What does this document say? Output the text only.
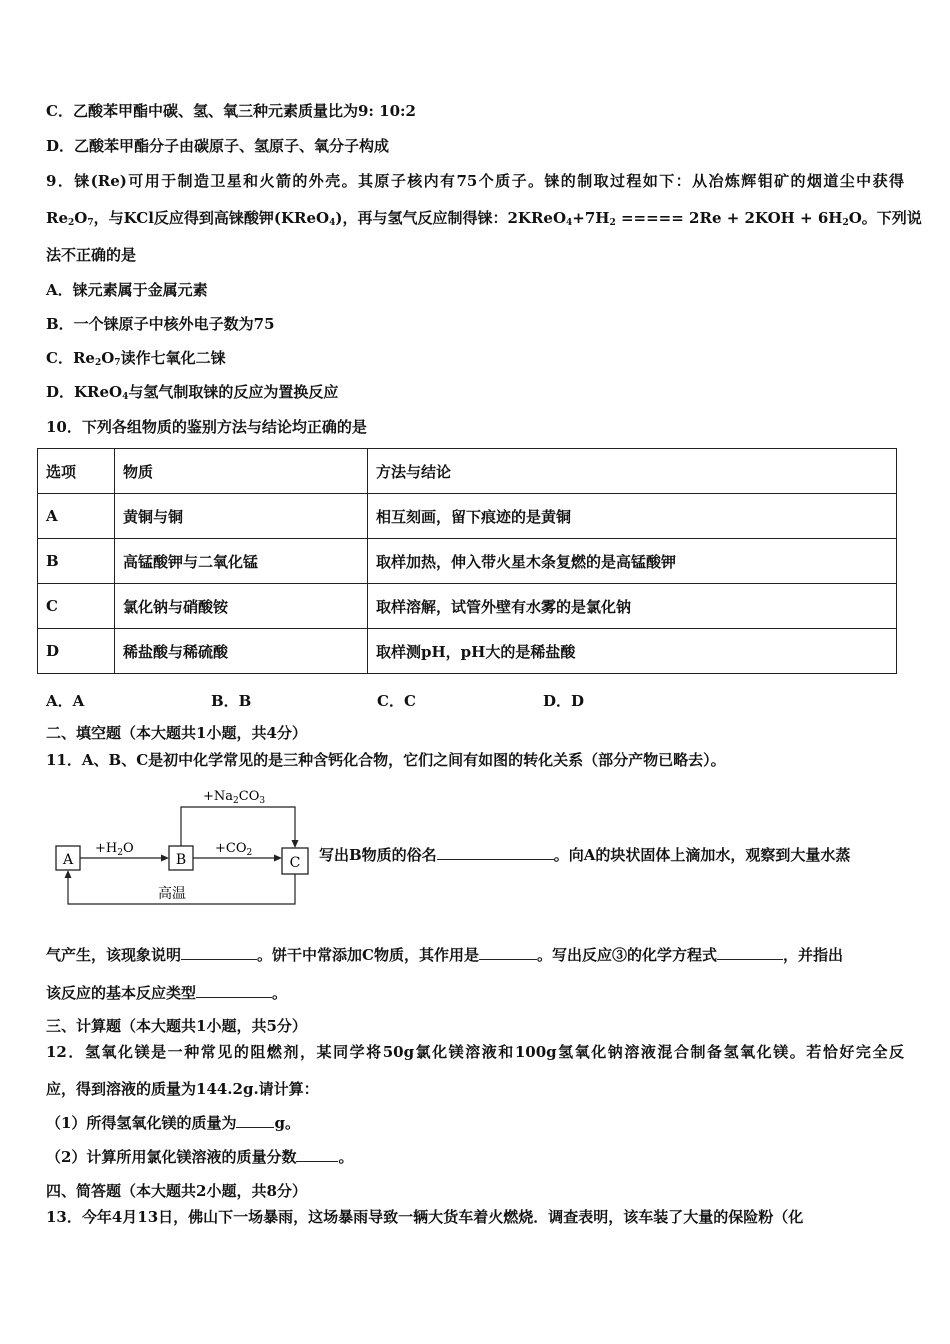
C．乙酸苯甲酯中碳、氢、氧三种元素质量比为9: 10:2
D．乙酸苯甲酯分子由碳原子、氢原子、氧分子构成
9．铼(Re)可用于制造卫星和火箭的外壳。其原子核内有75个质子。铼的制取过程如下：从冶炼辉钼矿的烟道尘中获得
$Re_2O_7$，与KCl反应得到高铼酸钾(KReO$_4$)，再与氢气反应制得铼：$2KReO_4+7H_2$ ===== $2Re + 2KOH + 6H_2O$。下列说
法不正确的是
A．铼元素属于金属元素
B．一个铼原子中核外电子数为75
C．$Re_2O_7$读作七氧化二铼
D．KReO$_4$与氢气制取铼的反应为置换反应
10．下列各组物质的鉴别方法与结论均正确的是
选项	物质	方法与结论
A	黄铜与铜	相互刻画，留下痕迹的是黄铜
B	高锰酸钾与二氧化锰	取样加热，伸入带火星木条复燃的是高锰酸钾
C	氯化钠与硝酸铵	取样溶解，试管外壁有水雾的是氯化钠
D	稀盐酸与稀硫酸	取样测pH，pH大的是稀盐酸
A．A	B．B	C．C	D．D
二、填空题（本大题共1小题，共4分）
11．A、B、C是初中化学常见的是三种含钙化合物，它们之间有如图的转化关系（部分产物已略去）。
A	B	C
$+H_2O$	$+CO_2$
$+Na_2CO_3$
高温
写出B物质的俗名	。向A的块状固体上滴加水，观察到大量水蒸
气产生，该现象说明	。饼干中常添加C物质，其作用是	。写出反应③的化学方程式	，并指出
该反应的基本反应类型	。
三、计算题（本大题共1小题，共5分）
12．氢氧化镁是一种常见的阻燃剂，某同学将50g氯化镁溶液和100g氢氧化钠溶液混合制备氢氧化镁。若恰好完全反
应，得到溶液的质量为144.2g.请计算：
（1）所得氢氧化镁的质量为	g。
（2）计算所用氯化镁溶液的质量分数	。
四、简答题（本大题共2小题，共8分）
13．今年4月13日，佛山下一场暴雨，这场暴雨导致一辆大货车着火燃烧．调查表明，该车装了大量的保险粉（化
